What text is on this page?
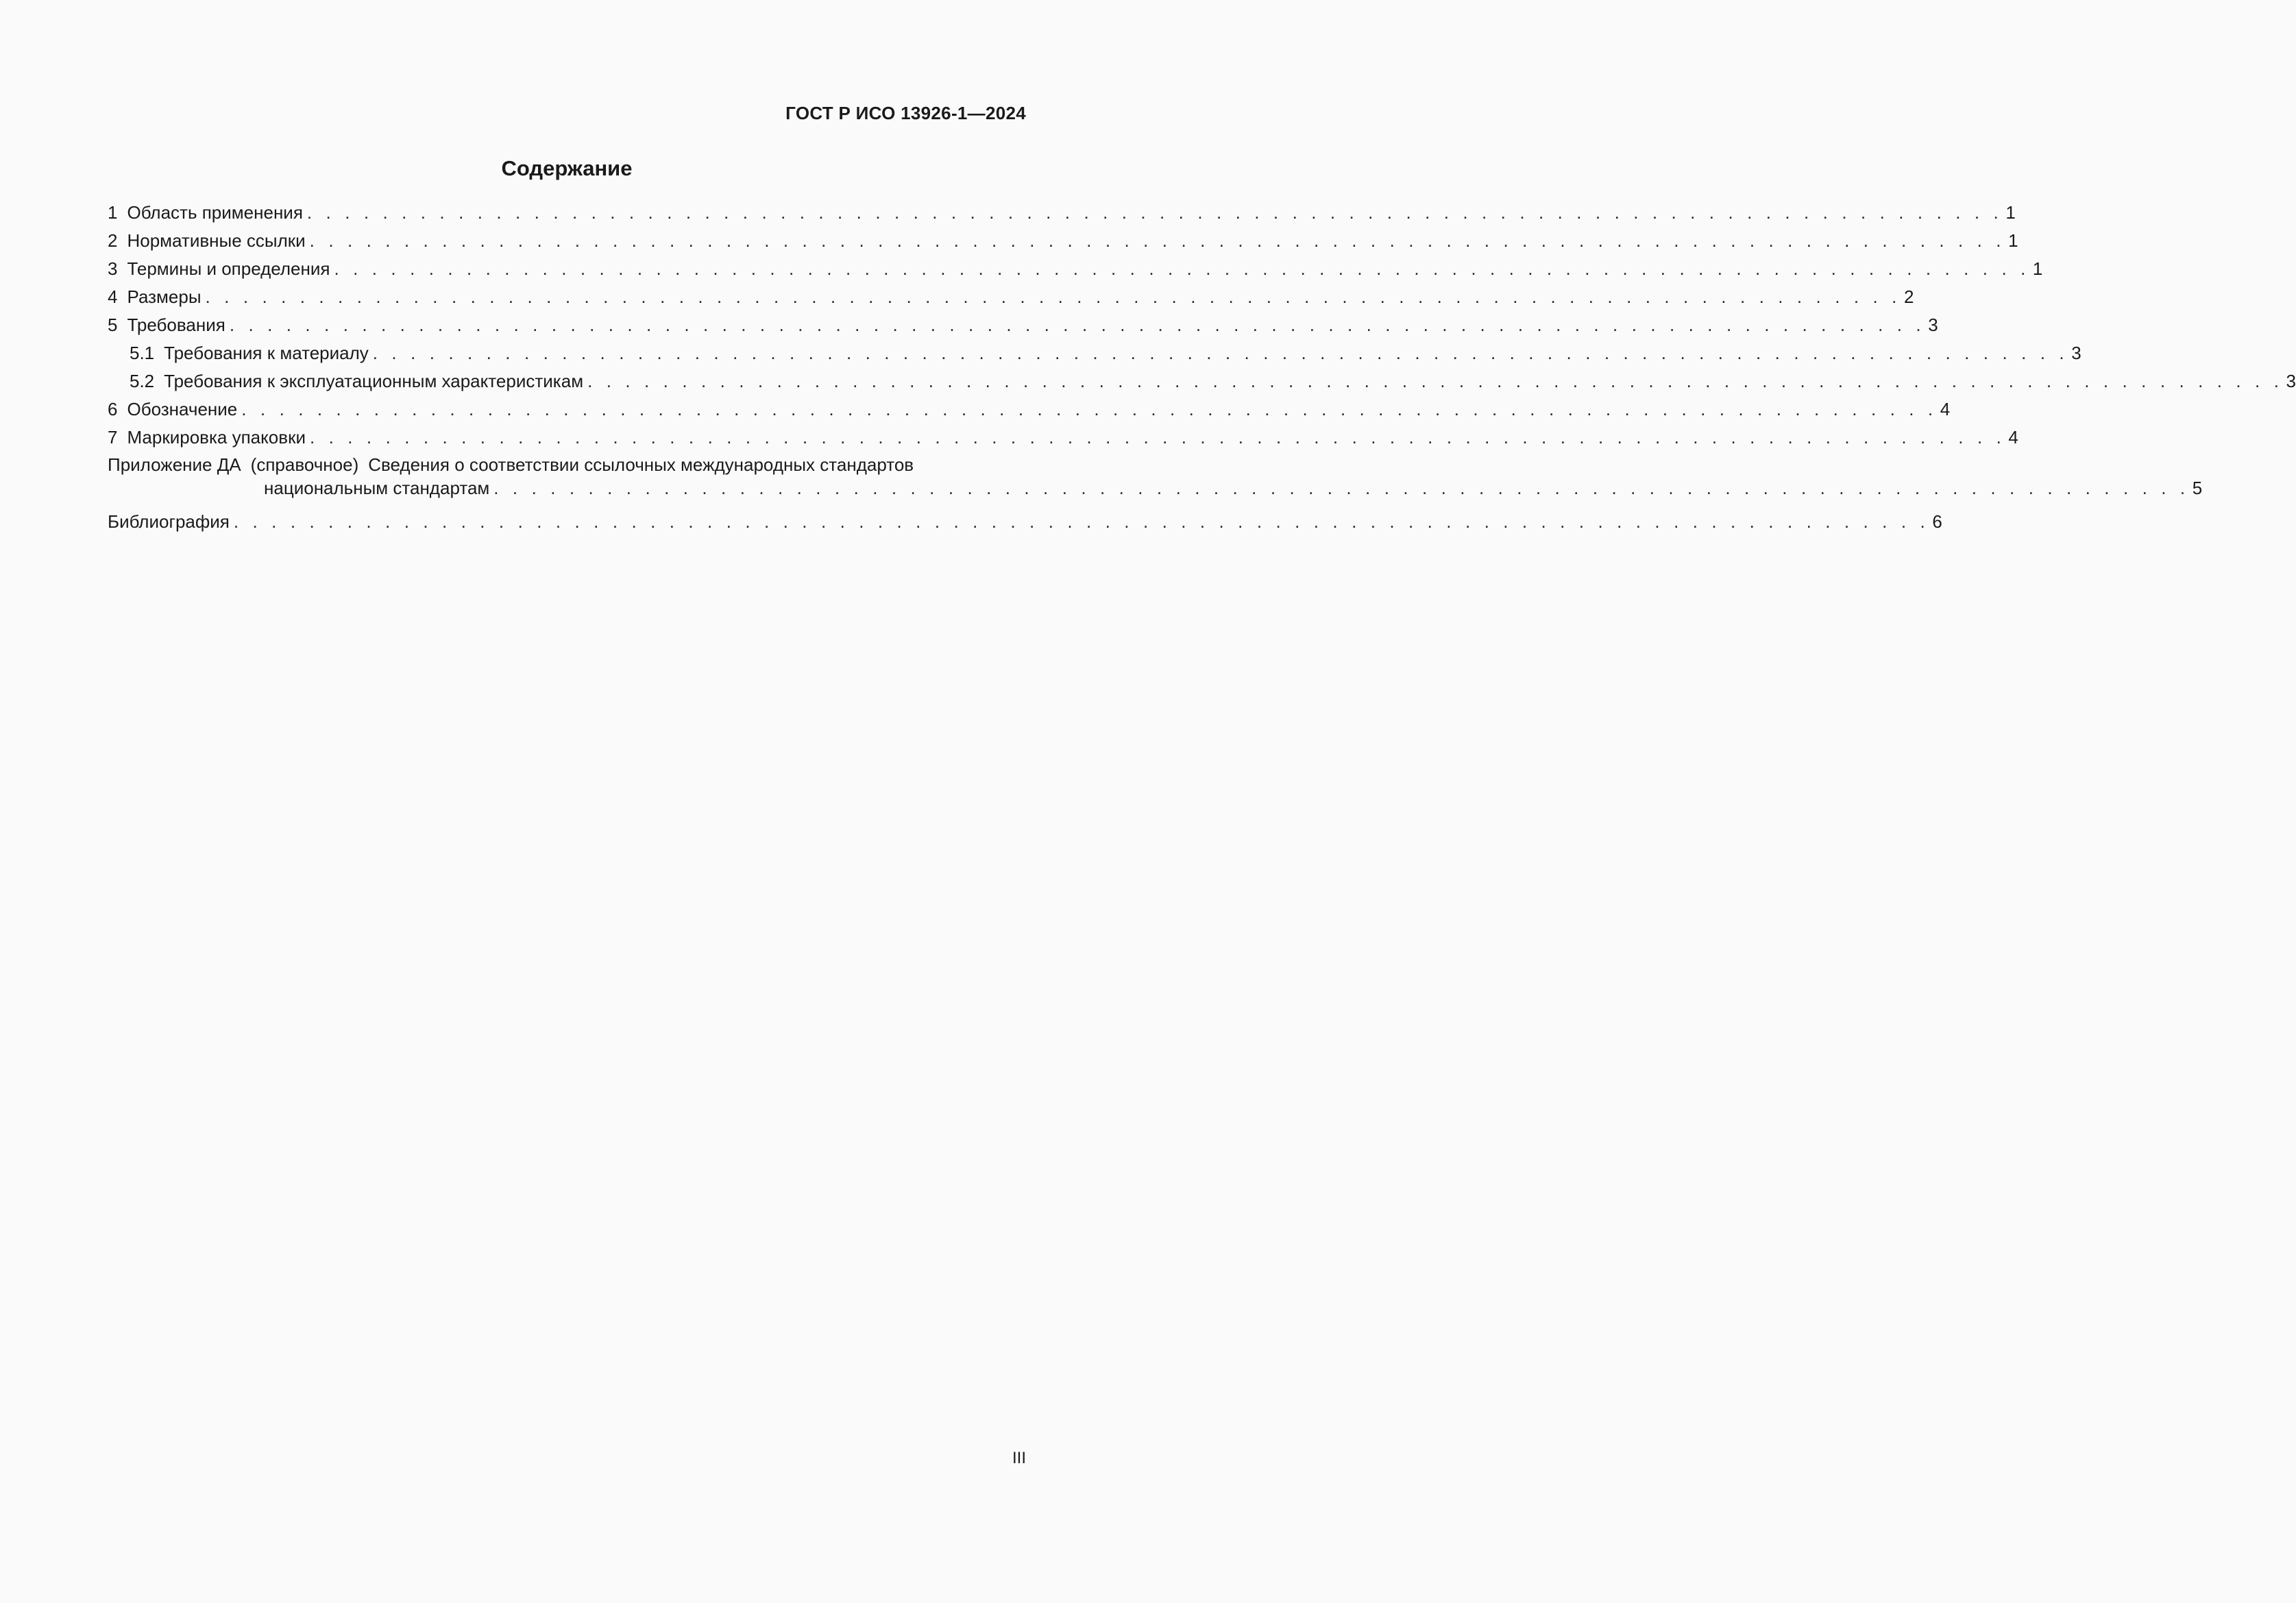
ГОСТ Р ИСО 13926-1—2024
Содержание
1 Область применения . . . . . . . . . . . . . . . . . . . . . . . . . . . . . . . . . . . . . . . . . . . . . . . . . . . . . . . . . . . . . . . . . . . . . . . . . . . . . . . . . . . . . . . . . . 1
2 Нормативные ссылки . . . . . . . . . . . . . . . . . . . . . . . . . . . . . . . . . . . . . . . . . . . . . . . . . . . . . . . . . . . . . . . . . . . . . . . . . . . . . . . . . . . . . . . . . . 1
3 Термины и определения . . . . . . . . . . . . . . . . . . . . . . . . . . . . . . . . . . . . . . . . . . . . . . . . . . . . . . . . . . . . . . . . . . . . . . . . . . . . . . . . . . . . . . . . . . 1
4 Размеры . . . . . . . . . . . . . . . . . . . . . . . . . . . . . . . . . . . . . . . . . . . . . . . . . . . . . . . . . . . . . . . . . . . . . . . . . . . . . . . . . . . . . . . . . . 2
5 Требования . . . . . . . . . . . . . . . . . . . . . . . . . . . . . . . . . . . . . . . . . . . . . . . . . . . . . . . . . . . . . . . . . . . . . . . . . . . . . . . . . . . . . . . . . . 3
5.1 Требования к материалу . . . . . . . . . . . . . . . . . . . . . . . . . . . . . . . . . . . . . . . . . . . . . . . . . . . . . . . . . . . . . . . . . . . . . . . . . . . . . . . . . . . . . . . . . . 3
5.2 Требования к эксплуатационным характеристикам . . . . . . . . . . . . . . . . . . . . . . . . . . . . . . . . . . . . . . . . . . . . . . . . . . . . . . . . . . . . . . . . . . . . . . . . . . . . . . . . . . . . . . . . . . 3
6 Обозначение . . . . . . . . . . . . . . . . . . . . . . . . . . . . . . . . . . . . . . . . . . . . . . . . . . . . . . . . . . . . . . . . . . . . . . . . . . . . . . . . . . . . . . . . . . 4
7 Маркировка упаковки . . . . . . . . . . . . . . . . . . . . . . . . . . . . . . . . . . . . . . . . . . . . . . . . . . . . . . . . . . . . . . . . . . . . . . . . . . . . . . . . . . . . . . . . . . 4
Приложение ДА (справочное) Сведения о соответствии ссылочных международных стандартов
национальным стандартам . . . . . . . . . . . . . . . . . . . . . . . . . . . . . . . . . . . . . . . . . . . . . . . . . . . . . . . . . . . . . . . . . . . . . . . . . . . . . . . . . . . . . . . . . . 5
Библиография . . . . . . . . . . . . . . . . . . . . . . . . . . . . . . . . . . . . . . . . . . . . . . . . . . . . . . . . . . . . . . . . . . . . . . . . . . . . . . . . . . . . . . . . . . 6
III
